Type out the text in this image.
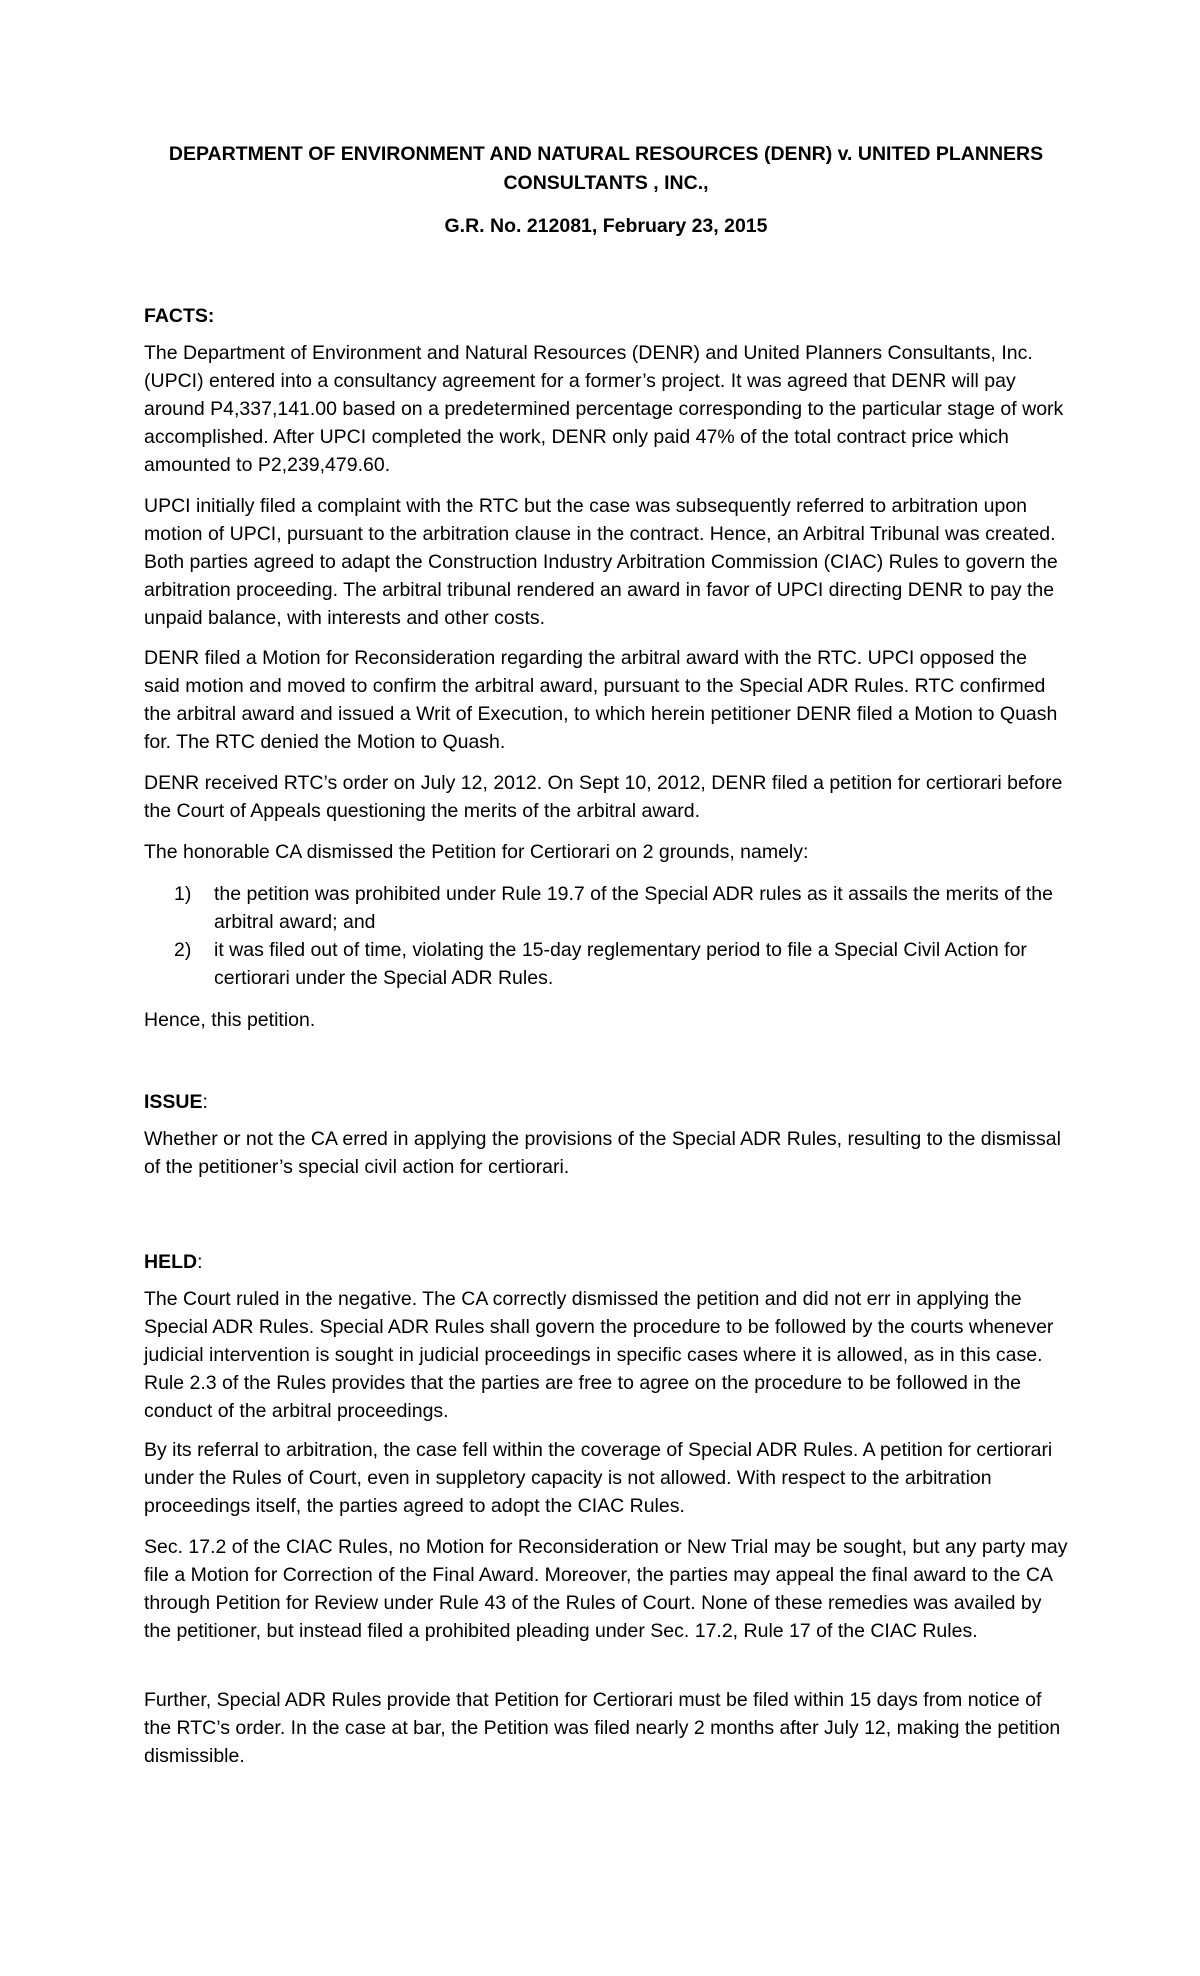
DEPARTMENT OF ENVIRONMENT AND NATURAL RESOURCES (DENR) v. UNITED PLANNERS CONSULTANTS , INC.,
G.R. No. 212081, February 23, 2015

FACTS:

The Department of Environment and Natural Resources (DENR) and United Planners Consultants, Inc. (UPCI) entered into a consultancy agreement for a former’s project. It was agreed that DENR will pay around P4,337,141.00 based on a predetermined percentage corresponding to the particular stage of work accomplished. After UPCI completed the work, DENR only paid 47% of the total contract price which amounted to P2,239,479.60.

UPCI initially filed a complaint with the RTC but the case was subsequently referred to arbitration upon motion of UPCI, pursuant to the arbitration clause in the contract. Hence, an Arbitral Tribunal was created. Both parties agreed to adapt the Construction Industry Arbitration Commission (CIAC) Rules to govern the arbitration proceeding. The arbitral tribunal rendered an award in favor of UPCI directing DENR to pay the unpaid balance, with interests and other costs.

DENR filed a Motion for Reconsideration regarding the arbitral award with the RTC. UPCI opposed the said motion and moved to confirm the arbitral award, pursuant to the Special ADR Rules. RTC confirmed the arbitral award and issued a Writ of Execution, to which herein petitioner DENR filed a Motion to Quash for. The RTC denied the Motion to Quash.

DENR received RTC’s order on July 12, 2012. On Sept 10, 2012, DENR filed a petition for certiorari before the Court of Appeals questioning the merits of the arbitral award.

The honorable CA dismissed the Petition for Certiorari on 2 grounds, namely:

1) the petition was prohibited under Rule 19.7 of the Special ADR rules as it assails the merits of the arbitral award; and
2) it was filed out of time, violating the 15-day reglementary period to file a Special Civil Action for certiorari under the Special ADR Rules.

Hence, this petition.

ISSUE:

Whether or not the CA erred in applying the provisions of the Special ADR Rules, resulting to the dismissal of the petitioner’s special civil action for certiorari.

HELD:

The Court ruled in the negative. The CA correctly dismissed the petition and did not err in applying the Special ADR Rules. Special ADR Rules shall govern the procedure to be followed by the courts whenever judicial intervention is sought in judicial proceedings in specific cases where it is allowed, as in this case. Rule 2.3 of the Rules provides that the parties are free to agree on the procedure to be followed in the conduct of the arbitral proceedings.

By its referral to arbitration, the case fell within the coverage of Special ADR Rules. A petition for certiorari under the Rules of Court, even in suppletory capacity is not allowed. With respect to the arbitration proceedings itself, the parties agreed to adopt the CIAC Rules.

Sec. 17.2 of the CIAC Rules, no Motion for Reconsideration or New Trial may be sought, but any party may file a Motion for Correction of the Final Award. Moreover, the parties may appeal the final award to the CA through Petition for Review under Rule 43 of the Rules of Court. None of these remedies was availed by the petitioner, but instead filed a prohibited pleading under Sec. 17.2, Rule 17 of the CIAC Rules.

Further, Special ADR Rules provide that Petition for Certiorari must be filed within 15 days from notice of the RTC’s order. In the case at bar, the Petition was filed nearly 2 months after July 12, making the petition dismissible.
